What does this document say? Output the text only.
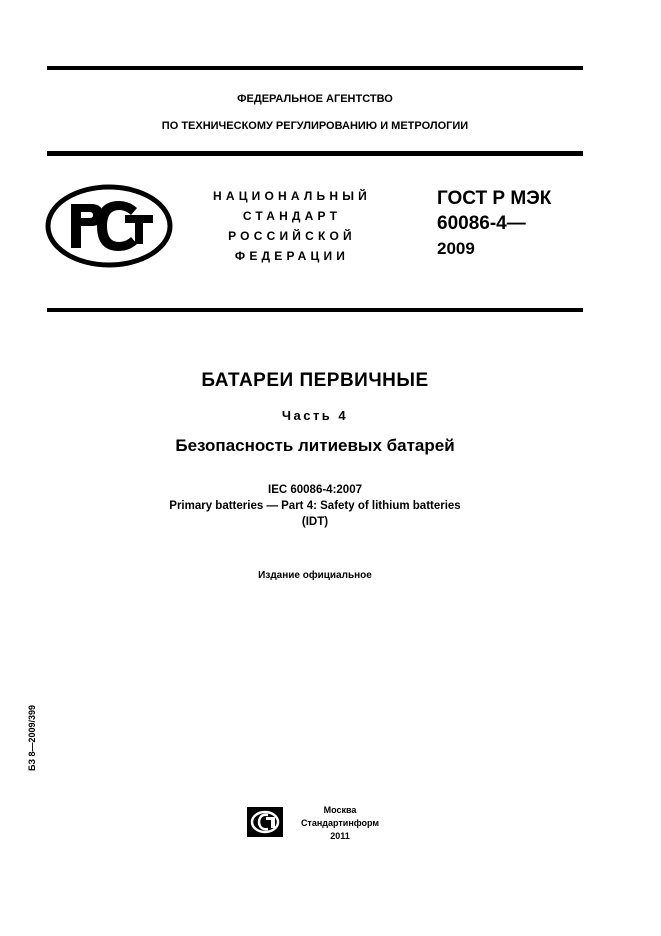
ФЕДЕРАЛЬНОЕ АГЕНТСТВО
ПО ТЕХНИЧЕСКОМУ РЕГУЛИРОВАНИЮ И МЕТРОЛОГИИ
НАЦИОНАЛЬНЫЙ
СТАНДАРТ
РОССИЙСКОЙ
ФЕДЕРАЦИИ
ГОСТ Р МЭК
60086-4—
2009
БАТАРЕИ ПЕРВИЧНЫЕ
Часть 4
Безопасность литиевых батарей
IEC 60086-4:2007
Primary batteries — Part 4: Safety of lithium batteries
(IDT)
Издание официальное
БЗ 8—2009/399
Москва
Стандартинформ
2011
